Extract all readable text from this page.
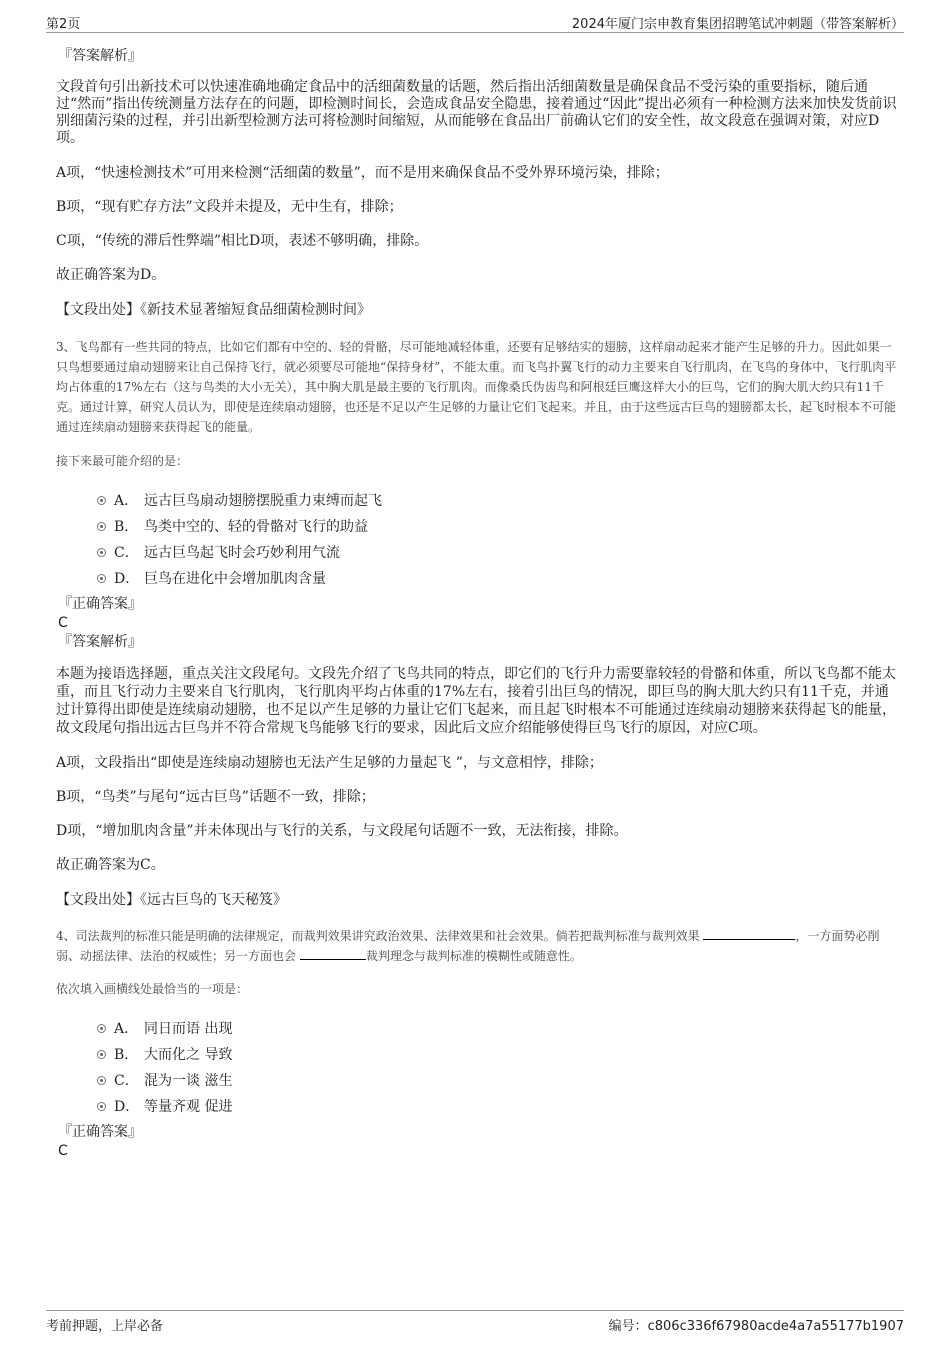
第2页	2024年厦门宗申教育集团招聘笔试冲刺题（带答案解析）
『答案解析』

文段首句引出新技术可以快速准确地确定食品中的活细菌数量的话题，然后指出活细菌数量是确保食品不受污染的重要指标，随后通过“然而”指出传统测量方法存在的问题，即检测时间长，会造成食品安全隐患，接着通过“因此”提出必须有一种检测方法来加快发货前识别细菌污染的过程，并引出新型检测方法可将检测时间缩短，从而能够在食品出厂前确认它们的安全性，故文段意在强调对策，对应D项。

A项，“快速检测技术”可用来检测“活细菌的数量”，而不是用来确保食品不受外界环境污染，排除；

B项，“现有贮存方法”文段并未提及，无中生有，排除；

C项，“传统的滞后性弊端”相比D项，表述不够明确，排除。

故正确答案为D。

【文段出处】《新技术显著缩短食品细菌检测时间》

3、飞鸟都有一些共同的特点，比如它们都有中空的、轻的骨骼，尽可能地减轻体重，还要有足够结实的翅膀，这样扇动起来才能产生足够的升力。因此如果一只鸟想要通过扇动翅膀来让自己保持飞行，就必须要尽可能地“保持身材”，不能太重。而飞鸟扑翼飞行的动力主要来自飞行肌肉，在飞鸟的身体中，飞行肌肉平均占体重的17%左右（这与鸟类的大小无关），其中胸大肌是最主要的飞行肌肉。而像桑氏伪齿鸟和阿根廷巨鹰这样大小的巨鸟，它们的胸大肌大约只有11千克。通过计算，研究人员认为，即使是连续扇动翅膀，也还是不足以产生足够的力量让它们飞起来。并且，由于这些远古巨鸟的翅膀都太长，起飞时根本不可能通过连续扇动翅膀来获得起飞的能量。

接下来最可能介绍的是：

A． 远古巨鸟扇动翅膀摆脱重力束缚而起飞
B． 鸟类中空的、轻的骨骼对飞行的助益
C． 远古巨鸟起飞时会巧妙利用气流
D． 巨鸟在进化中会增加肌肉含量
『正确答案』
C
『答案解析』

本题为接语选择题，重点关注文段尾句。文段先介绍了飞鸟共同的特点，即它们的飞行升力需要靠较轻的骨骼和体重，所以飞鸟都不能太重，而且飞行动力主要来自飞行肌肉，飞行肌肉平均占体重的17%左右，接着引出巨鸟的情况，即巨鸟的胸大肌大约只有11千克，并通过计算得出即使是连续扇动翅膀，也不足以产生足够的力量让它们飞起来，而且起飞时根本不可能通过连续扇动翅膀来获得起飞的能量，故文段尾句指出远古巨鸟并不符合常规飞鸟能够飞行的要求，因此后文应介绍能够使得巨鸟飞行的原因，对应C项。

A项，文段指出“即使是连续扇动翅膀也无法产生足够的力量起飞 ”，与文意相悖，排除；

B项，“鸟类”与尾句“远古巨鸟”话题不一致，排除；

D项，“增加肌肉含量”并未体现出与飞行的关系，与文段尾句话题不一致，无法衔接，排除。

故正确答案为C。

【文段出处】《远古巨鸟的飞天秘笈》

4、司法裁判的标准只能是明确的法律规定，而裁判效果讲究政治效果、法律效果和社会效果。倘若把裁判标准与裁判效果	，一方面势必削弱、动摇法律、法治的权威性；另一方面也会	裁判理念与裁判标准的模糊性或随意性。

依次填入画横线处最恰当的一项是：

A． 同日而语 出现
B． 大而化之 导致
C． 混为一谈 滋生
D． 等量齐观 促进
『正确答案』
C
考前押题，上岸必备	编号：c806c336f67980acde4a7a55177b1907
